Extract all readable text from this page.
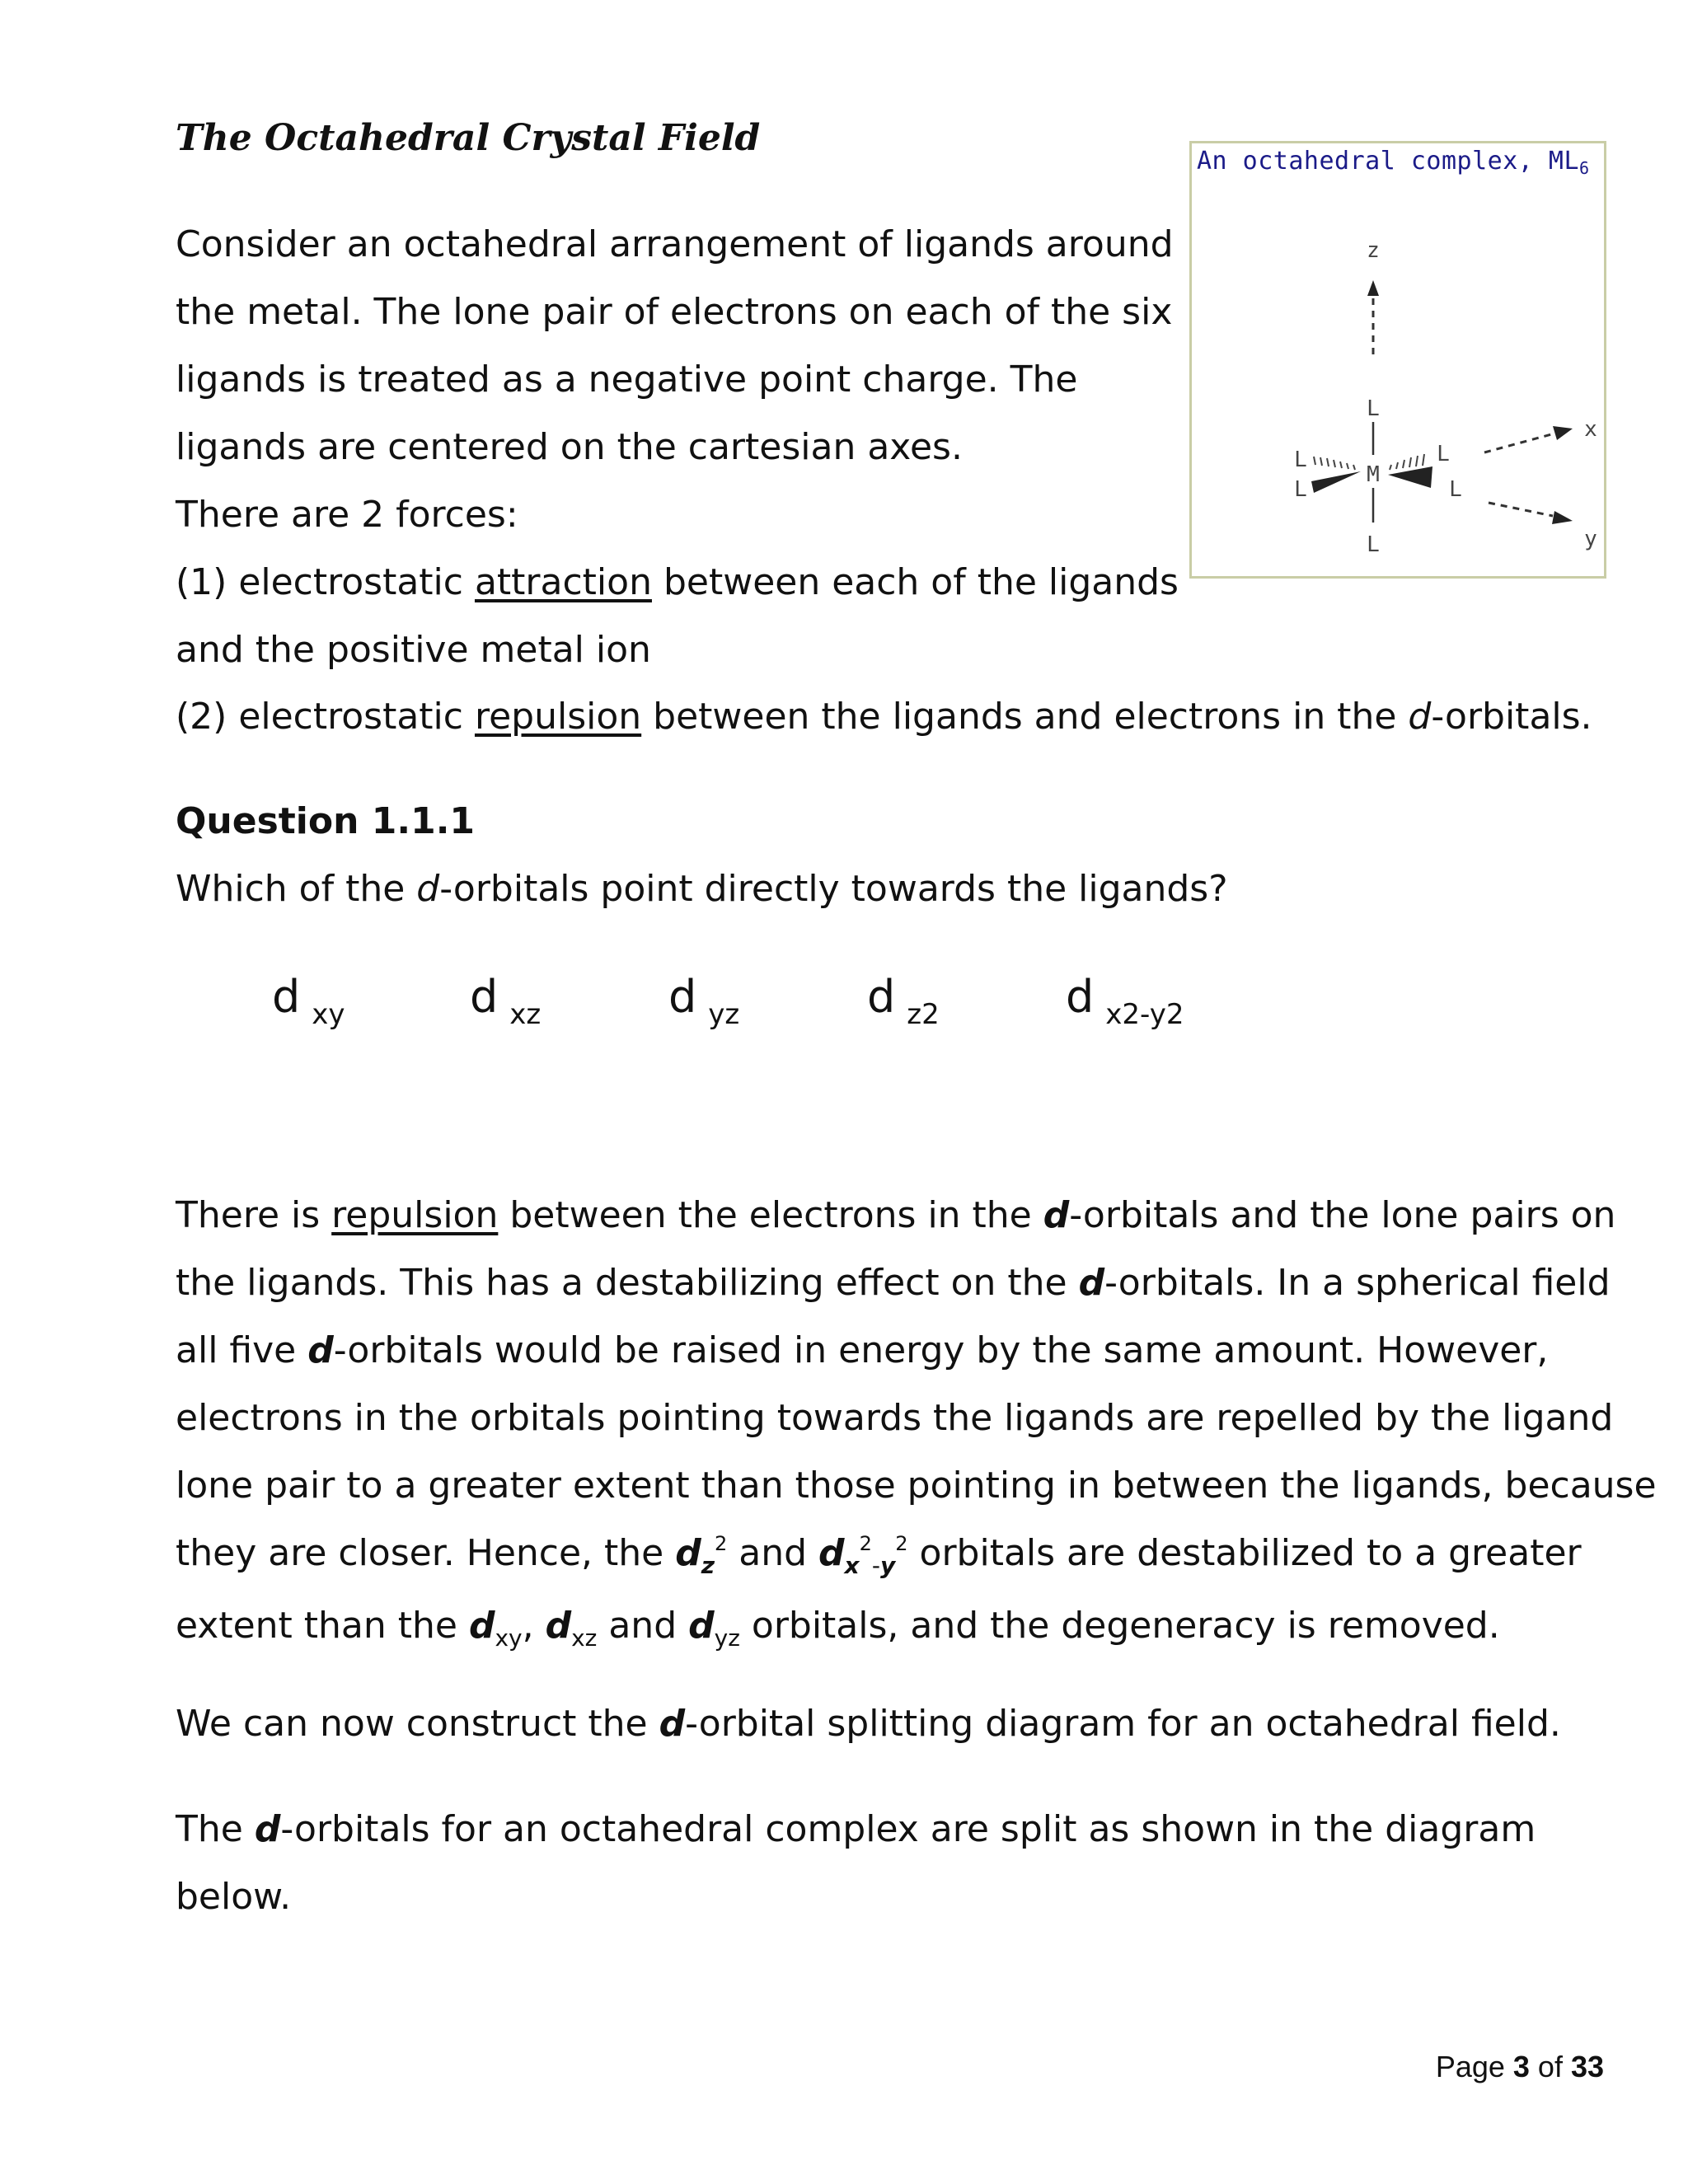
The Octahedral Crystal Field
Consider an octahedral arrangement of ligands around
the metal. The lone pair of electrons on each of the six
ligands is treated as a negative point charge. The
ligands are centered on the cartesian axes.
There are 2 forces:
(1) electrostatic attraction between each of the ligands
and the positive metal ion
(2) electrostatic repulsion between the ligands and electrons in the d-orbitals.
An octahedral complex, $ML_6$
z
L
M
L
L
L
L
L
x
y
Question 1.1.1
Which of the d-orbitals point directly towards the ligands?
d $_{xy}$	d $_{xz}$	d $_{yz}$	d $_{z2}$	d $_{x2-y2}$
There is repulsion between the electrons in the d-orbitals and the lone pairs on
the ligands. This has a destabilizing effect on the d-orbitals. In a spherical field
all five d-orbitals would be raised in energy by the same amount. However,
electrons in the orbitals pointing towards the ligands are repelled by the ligand
lone pair to a greater extent than those pointing in between the ligands, because
they are closer. Hence, the $d_z^2$ and $d_x^2_{-y}^2$ orbitals are destabilized to a greater
extent than the $d_{xy}$, $d_{xz}$ and $d_{yz}$ orbitals, and the degeneracy is removed.
We can now construct the d-orbital splitting diagram for an octahedral field.
The d-orbitals for an octahedral complex are split as shown in the diagram
below.
Page 3 of 33
